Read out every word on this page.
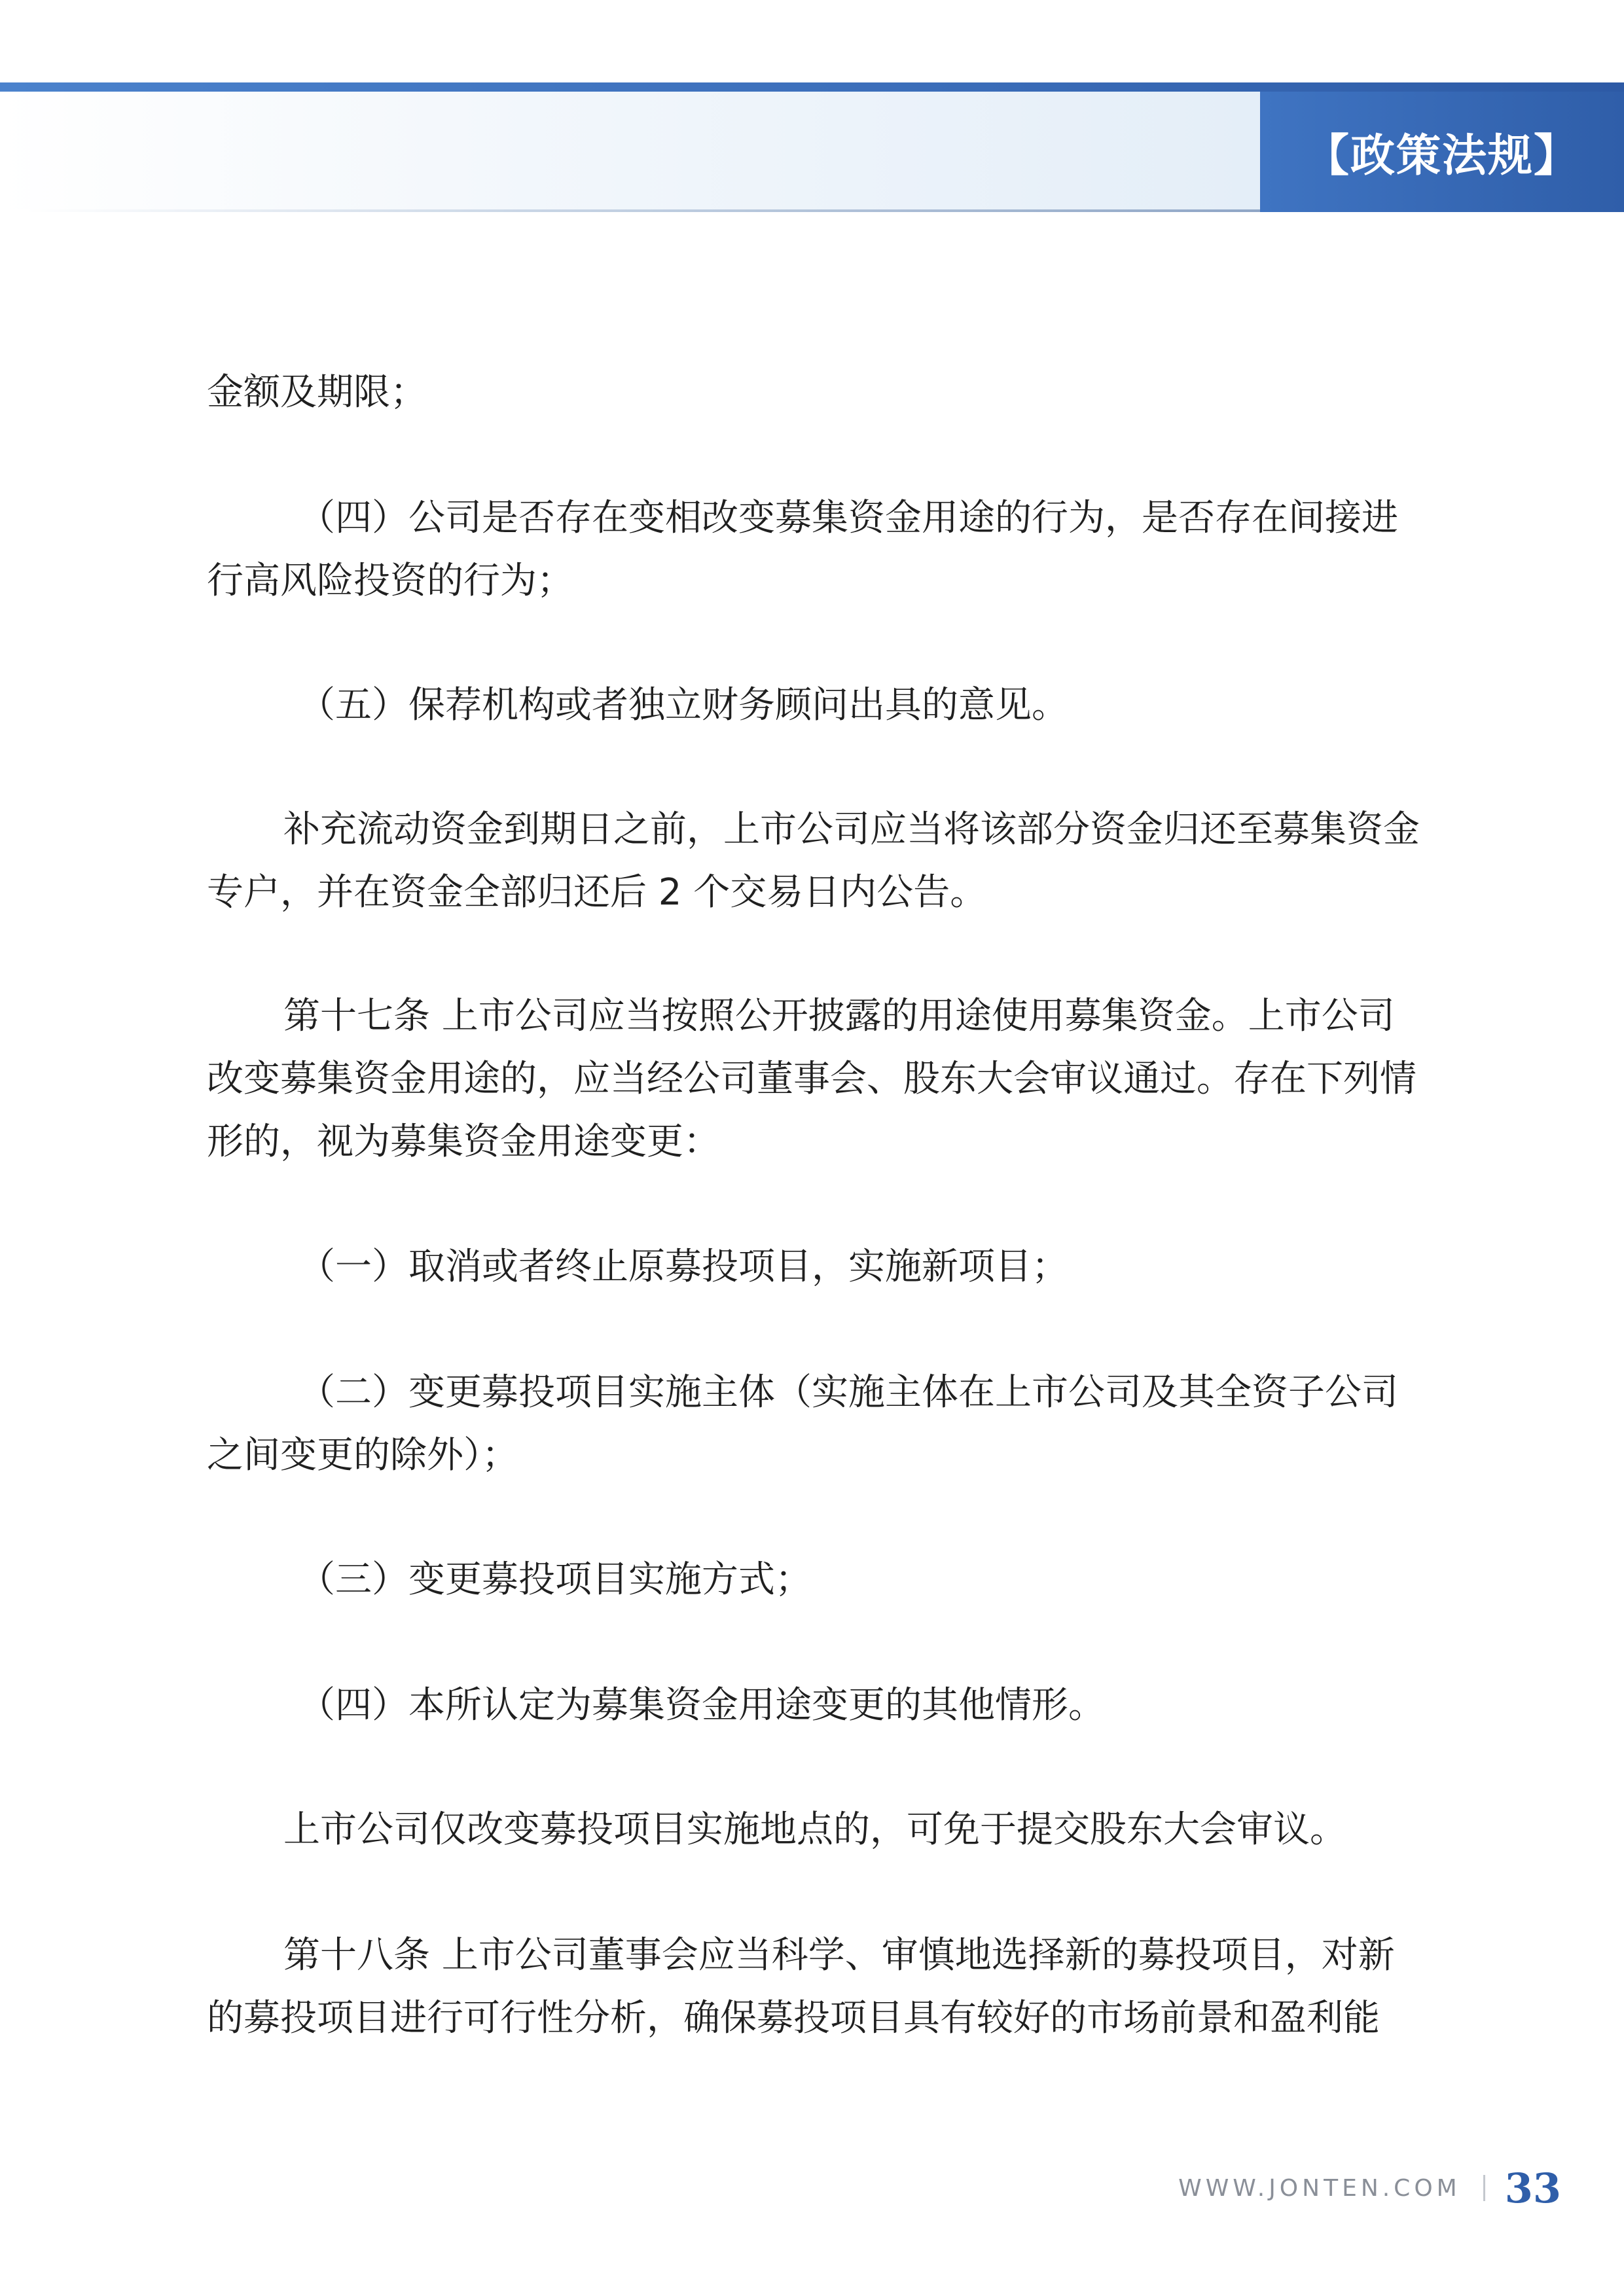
【政策法规】

金额及期限；

（四）公司是否存在变相改变募集资金用途的行为，是否存在间接进行高风险投资的行为；

（五）保荐机构或者独立财务顾问出具的意见。

补充流动资金到期日之前，上市公司应当将该部分资金归还至募集资金专户，并在资金全部归还后 2 个交易日内公告。

第十七条 上市公司应当按照公开披露的用途使用募集资金。上市公司改变募集资金用途的，应当经公司董事会、股东大会审议通过。存在下列情形的，视为募集资金用途变更：

（一）取消或者终止原募投项目，实施新项目；

（二）变更募投项目实施主体（实施主体在上市公司及其全资子公司之间变更的除外）；

（三）变更募投项目实施方式；

（四）本所认定为募集资金用途变更的其他情形。

上市公司仅改变募投项目实施地点的，可免于提交股东大会审议。

第十八条 上市公司董事会应当科学、审慎地选择新的募投项目，对新的募投项目进行可行性分析，确保募投项目具有较好的市场前景和盈利能

WWW.JONTEN.COM 33
